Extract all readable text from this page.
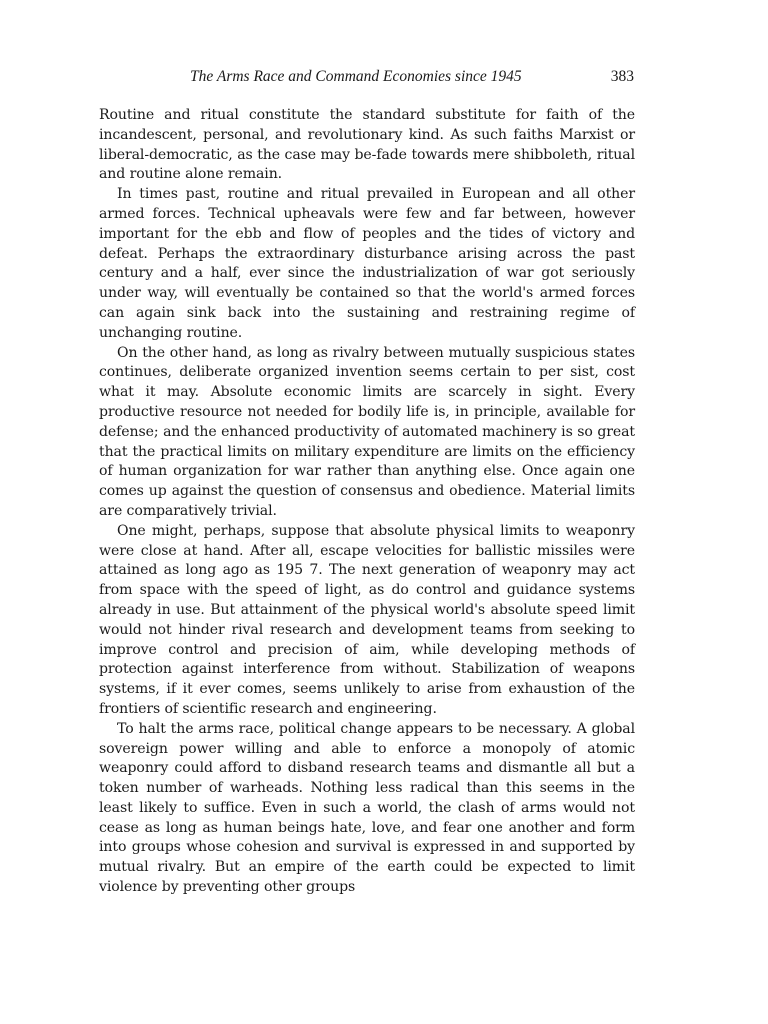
The Arms Race and Command Economies since 1945	383

Routine and ritual constitute the standard substitute for faith of the incandescent, personal, and revolutionary kind. As such faiths Marxist or liberal-democratic, as the case may be-fade towards mere shibboleth, ritual and routine alone remain.

In times past, routine and ritual prevailed in European and all other armed forces. Technical upheavals were few and far between, however important for the ebb and flow of peoples and the tides of victory and defeat. Perhaps the extraordinary disturbance arising across the past century and a half, ever since the industrialization of war got seriously under way, will eventually be contained so that the world's armed forces can again sink back into the sustaining and restraining regime of unchanging routine.

On the other hand, as long as rivalry between mutually suspicious states continues, deliberate organized invention seems certain to per sist, cost what it may. Absolute economic limits are scarcely in sight. Every productive resource not needed for bodily life is, in principle, available for defense; and the enhanced productivity of automated machinery is so great that the practical limits on military expenditure are limits on the efficiency of human organization for war rather than anything else. Once again one comes up against the question of consensus and obedience. Material limits are comparatively trivial.

One might, perhaps, suppose that absolute physical limits to weaponry were close at hand. After all, escape velocities for ballistic missiles were attained as long ago as 195 7. The next generation of weaponry may act from space with the speed of light, as do control and guidance systems already in use. But attainment of the physical world's absolute speed limit would not hinder rival research and development teams from seeking to improve control and precision of aim, while developing methods of protection against interference from without. Stabilization of weapons systems, if it ever comes, seems unlikely to arise from exhaustion of the frontiers of scientific research and engineering.

To halt the arms race, political change appears to be necessary. A global sovereign power willing and able to enforce a monopoly of atomic weaponry could afford to disband research teams and dismantle all but a token number of warheads. Nothing less radical than this seems in the least likely to suffice. Even in such a world, the clash of arms would not cease as long as human beings hate, love, and fear one another and form into groups whose cohesion and survival is expressed in and supported by mutual rivalry. But an empire of the earth could be expected to limit violence by preventing other groups
